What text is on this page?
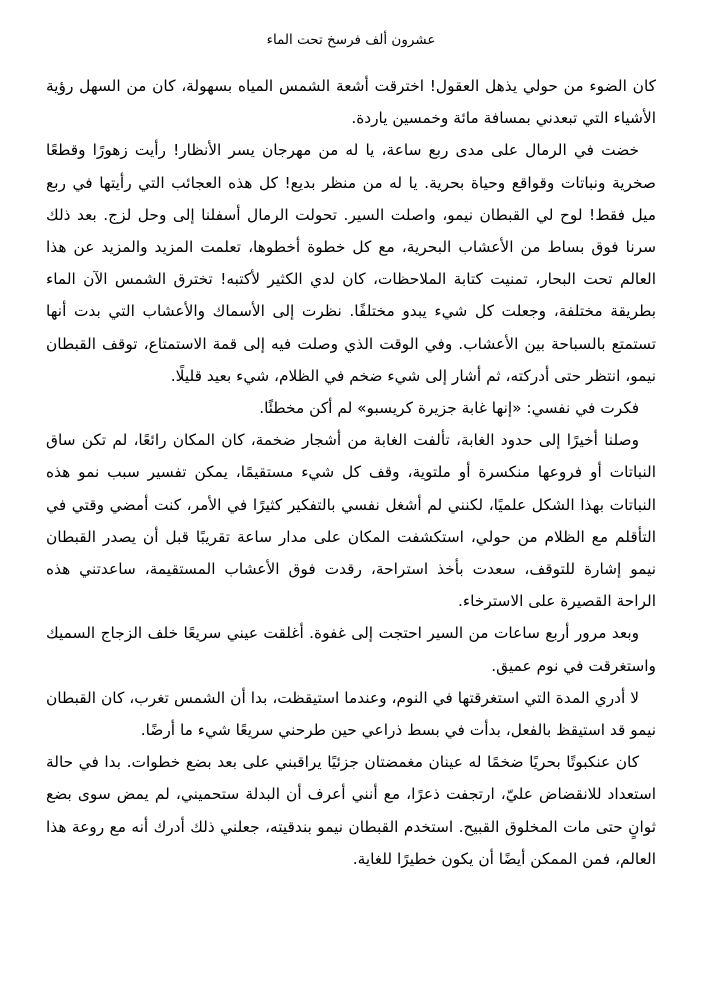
عشرون ألف فرسخ تحت الماء

كان الضوء من حولي يذهل العقول! اخترقت أشعة الشمس المياه بسهولة، كان من السهل رؤية الأشياء التي تبعدني بمسافة مائة وخمسين ياردة.

خضت في الرمال على مدى ربع ساعة، يا له من مهرجان يسر الأنظار! رأيت زهورًا وقطعًا صخرية ونباتات وقواقع وحياة بحرية. يا له من منظر بديع! كل هذه العجائب التي رأيتها في ربع ميل فقط! لوح لي القبطان نيمو، واصلت السير. تحولت الرمال أسفلنا إلى وحل لزج. بعد ذلك سرنا فوق بساط من الأعشاب البحرية، مع كل خطوة أخطوها، تعلمت المزيد والمزيد عن هذا العالم تحت البحار، تمنيت كتابة الملاحظات، كان لدي الكثير لأكتبه! تخترق الشمس الآن الماء بطريقة مختلفة، وجعلت كل شيء يبدو مختلفًا. نظرت إلى الأسماك والأعشاب التي بدت أنها تستمتع بالسباحة بين الأعشاب. وفي الوقت الذي وصلت فيه إلى قمة الاستمتاع، توقف القبطان نيمو، انتظر حتى أدركته، ثم أشار إلى شيء ضخم في الظلام، شيء بعيد قليلًا.

فكرت في نفسي: «إنها غابة جزيرة كريسبو» لم أكن مخطئًا.

وصلنا أخيرًا إلى حدود الغابة، تألفت الغابة من أشجار ضخمة، كان المكان رائعًا، لم تكن ساق النباتات أو فروعها منكسرة أو ملتوية، وقف كل شيء مستقيمًا، يمكن تفسير سبب نمو هذه النباتات بهذا الشكل علميًا، لكنني لم أشغل نفسي بالتفكير كثيرًا في الأمر، كنت أمضي وقتي في التأقلم مع الظلام من حولي، استكشفت المكان على مدار ساعة تقريبًا قبل أن يصدر القبطان نيمو إشارة للتوقف، سعدت بأخذ استراحة، رقدت فوق الأعشاب المستقيمة، ساعدتني هذه الراحة القصيرة على الاسترخاء.

وبعد مرور أربع ساعات من السير احتجت إلى غفوة. أغلقت عيني سريعًا خلف الزجاج السميك واستغرقت في نوم عميق.

لا أدري المدة التي استغرقتها في النوم، وعندما استيقظت، بدا أن الشمس تغرب، كان القبطان نيمو قد استيقظ بالفعل، بدأت في بسط ذراعي حين طرحني سريعًا شيء ما أرضًا.

كان عنكبوتًا بحريًا ضخمًا له عينان مغمضتان جزئيًا يراقبني على بعد بضع خطوات. بدا في حالة استعداد للانقضاض عليّ، ارتجفت ذعرًا، مع أنني أعرف أن البدلة ستحميني، لم يمض سوى بضع ثوانٍ حتى مات المخلوق القبيح. استخدم القبطان نيمو بندقيته، جعلني ذلك أدرك أنه مع روعة هذا العالم، فمن الممكن أيضًا أن يكون خطيرًا للغاية.
